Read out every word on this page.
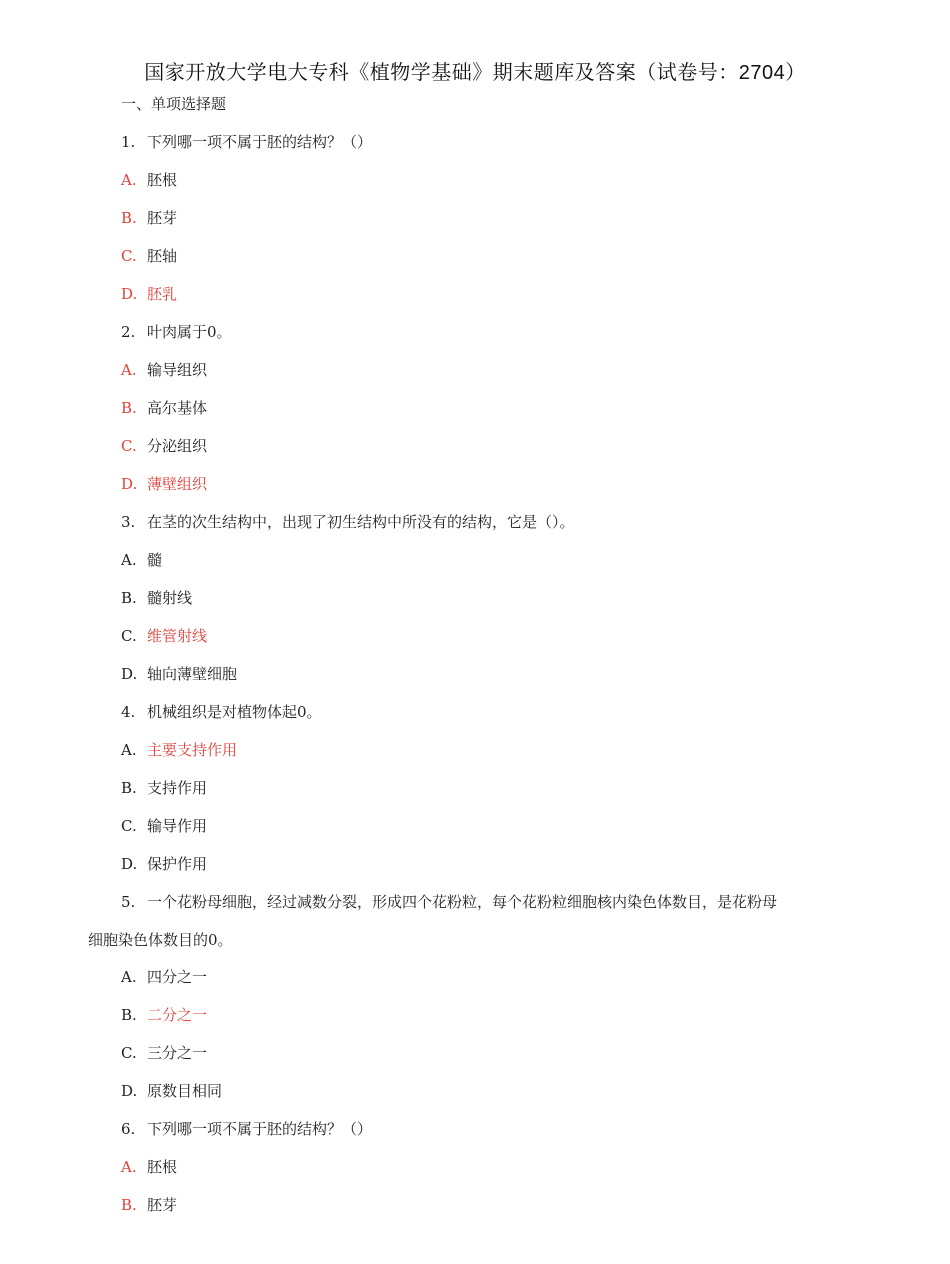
国家开放大学电大专科《植物学基础》期末题库及答案（试卷号：2704）
一、单项选择题
1. 下列哪一项不属于胚的结构？（）
A. 胚根
B. 胚芽
C. 胚轴
D. 胚乳
2. 叶肉属于0。
A. 输导组织
B. 高尔基体
C. 分泌组织
D. 薄壁组织
3. 在茎的次生结构中，出现了初生结构中所没有的结构，它是（）。
A. 髓
B. 髓射线
C. 维管射线
D. 轴向薄壁细胞
4. 机械组织是对植物体起0。
A. 主要支持作用
B. 支持作用
C. 输导作用
D. 保护作用
5. 一个花粉母细胞，经过减数分裂，形成四个花粉粒，每个花粉粒细胞核内染色体数目，是花粉母
细胞染色体数目的0。
A. 四分之一
B. 二分之一
C. 三分之一
D. 原数目相同
6. 下列哪一项不属于胚的结构？（）
A. 胚根
B. 胚芽
